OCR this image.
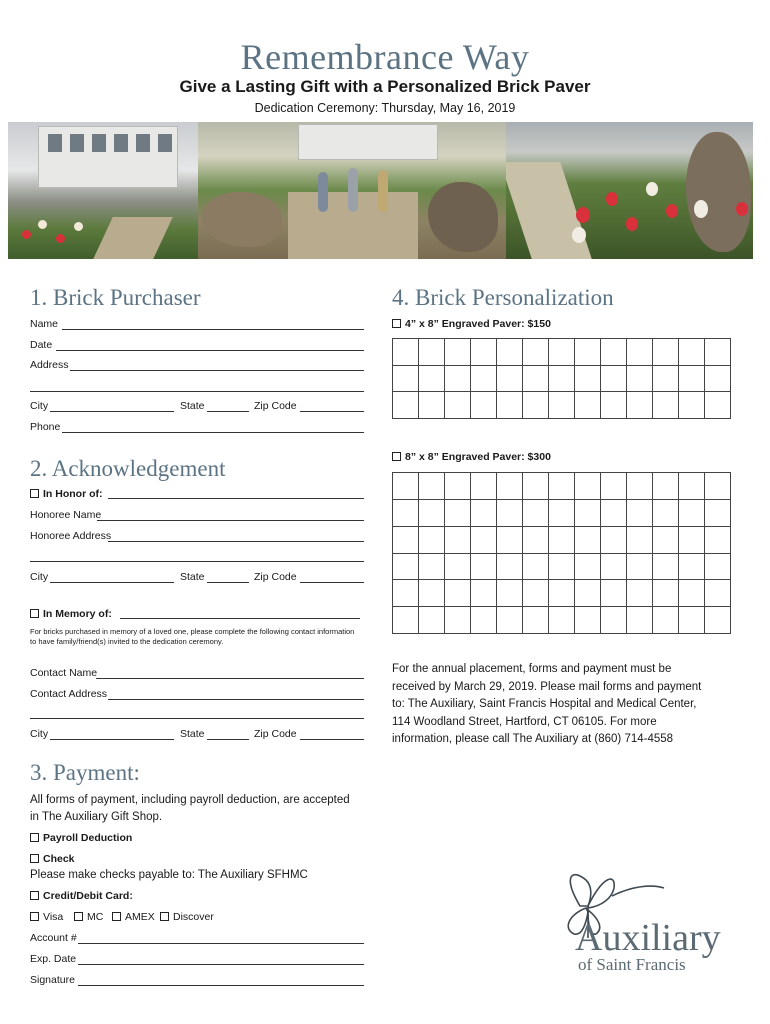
Remembrance Way
Give a Lasting Gift with a Personalized Brick Paver
Dedication Ceremony: Thursday, May 16, 2019
1. Brick Purchaser
Name
Date
Address
City	State	Zip Code
Phone
2. Acknowledgement
In Honor of:
Honoree Name
Honoree Address
City	State	Zip Code
In Memory of:
For bricks purchased in memory of a loved one, please complete the following contact information to have family/friend(s) invited to the dedication ceremony.
Contact Name
Contact Address
City	State	Zip Code
3. Payment:
All forms of payment, including payroll deduction, are accepted in The Auxiliary Gift Shop.
Payroll Deduction
Check
Please make checks payable to: The Auxiliary SFHMC
Credit/Debit Card:
Visa	MC	AMEX	Discover
Account #
Exp. Date
Signature
4. Brick Personalization
4” x 8” Engraved Paver: $150
8” x 8” Engraved Paver: $300
For the annual placement, forms and payment must be received by March 29, 2019. Please mail forms and payment to: The Auxiliary, Saint Francis Hospital and Medical Center, 114 Woodland Street, Hartford, CT 06105. For more information, please call The Auxiliary at (860) 714-4558
Auxiliary
of Saint Francis
